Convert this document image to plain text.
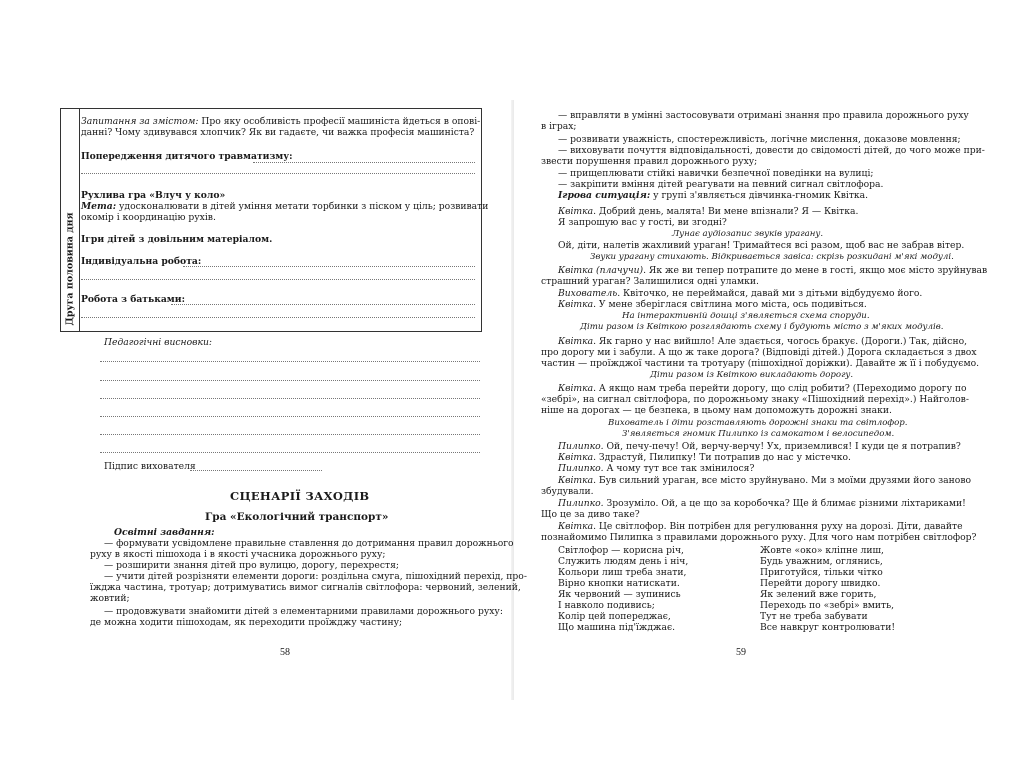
Друга половина дня
Запитання за змістом: Про яку особливість професії машиніста йдеться в опові-
данні? Чому здивувався хлопчик? Як ви гадаєте, чи важка професія машиніста?
Попередження дитячого травматизму:
Рухлива гра «Влуч у коло»
Мета: удосконалювати в дітей уміння метати торбинки з піском у ціль; розвивати
окомір і координацію рухів.
Ігри дітей з довільним матеріалом.
Індивідуальна робота:
Робота з батьками:
Педагогічні висновки:
Підпис вихователя
СЦЕНАРІЇ ЗАХОДІВ
Гра «Екологічний транспорт»
Освітні завдання:
— формувати усвідомлене правильне ставлення до дотримання правил дорожнього
руху в якості пішохода і в якості учасника дорожнього руху;
— розширити знання дітей про вулицю, дорогу, перехрестя;
— учити дітей розрізняти елементи дороги: роздільна смуга, пішохідний перехід, про-
їжджа частина, тротуар; дотримуватись вимог сигналів світлофора: червоний, зелений,
жовтий;
— продовжувати знайомити дітей з елементарними правилами дорожнього руху:
де можна ходити пішоходам, як переходити проїжджу частину;
58
— вправляти в умінні застосовувати отримані знання про правила дорожнього руху
в іграх;
— розвивати уважність, спостережливість, логічне мислення, доказове мовлення;
— виховувати почуття відповідальності, довести до свідомості дітей, до чого може при-
звести порушення правил дорожнього руху;
— прищеплювати стійкі навички безпечної поведінки на вулиці;
— закріпити вміння дітей реагувати на певний сигнал світлофора.
Ігрова ситуація: у групі з'являється дівчинка-гномик Квітка.
Квітка. Добрий день, малята! Ви мене впізнали? Я — Квітка.
Я запрошую вас у гості, ви згодні?
Лунає аудіозапис звуків урагану.
Ой, діти, налетів жахливий ураган! Тримайтеся всі разом, щоб вас не забрав вітер.
Звуки урагану стихають. Відкривається завіса: скрізь розкидані м'які модулі.
Квітка (плачучи). Як же ви тепер потрапите до мене в гості, якщо моє місто зруйнував
страшний ураган? Залишилися одні уламки.
Вихователь. Квіточко, не переймайся, давай ми з дітьми відбудуємо його.
Квітка. У мене зберіглася світлина мого міста, ось подивіться.
На інтерактивній дошці з'являється схема споруди.
Діти разом із Квіткою розглядають схему і будують місто з м'яких модулів.
Квітка. Як гарно у нас вийшло! Але здається, чогось бракує. (Дороги.) Так, дійсно,
про дорогу ми і забули. А що ж таке дорога? (Відповіді дітей.) Дорога складається з двох
частин — проїжджої частини та тротуару (пішохідної доріжки). Давайте ж її і побудуємо.
Діти разом із Квіткою викладають дорогу.
Квітка. А якщо нам треба перейти дорогу, що слід робити? (Переходимо дорогу по
«зебрі», на сигнал світлофора, по дорожньому знаку «Пішохідний перехід».) Найголов-
ніше на дорогах — це безпека, в цьому нам допоможуть дорожні знаки.
Вихователь і діти розставляють дорожні знаки та світлофор.
З'являється гномик Пилипко із самокатом і велосипедом.
Пилипко. Ой, печу-печу! Ой, верчу-верчу! Ух, приземлився! І куди це я потрапив?
Квітка. Здрастуй, Пилипку! Ти потрапив до нас у містечко.
Пилипко. А чому тут все так змінилося?
Квітка. Був сильний ураган, все місто зруйнувано. Ми з моїми друзями його заново
збудували.
Пилипко. Зрозуміло. Ой, а це що за коробочка? Ще й блимає різними ліхтариками!
Що це за диво таке?
Квітка. Це світлофор. Він потрібен для регулювання руху на дорозі. Діти, давайте
познайомимо Пилипка з правилами дорожнього руху. Для чого нам потрібен світлофор?
Світлофор — корисна річ,
Служить людям день і ніч,
Кольори лиш треба знати,
Вірно кнопки натискати.
Як червоний — зупинись
І навколо подивись;
Колір цей попереджає,
Що машина під'їжджає.
Жовте «око» кліпне лиш,
Будь уважним, оглянись,
Приготуйся, тільки чітко
Перейти дорогу швидко.
Як зелений вже горить,
Переходь по «зебрі» вмить,
Тут не треба забувати
Все навкруг контролювати!
59
